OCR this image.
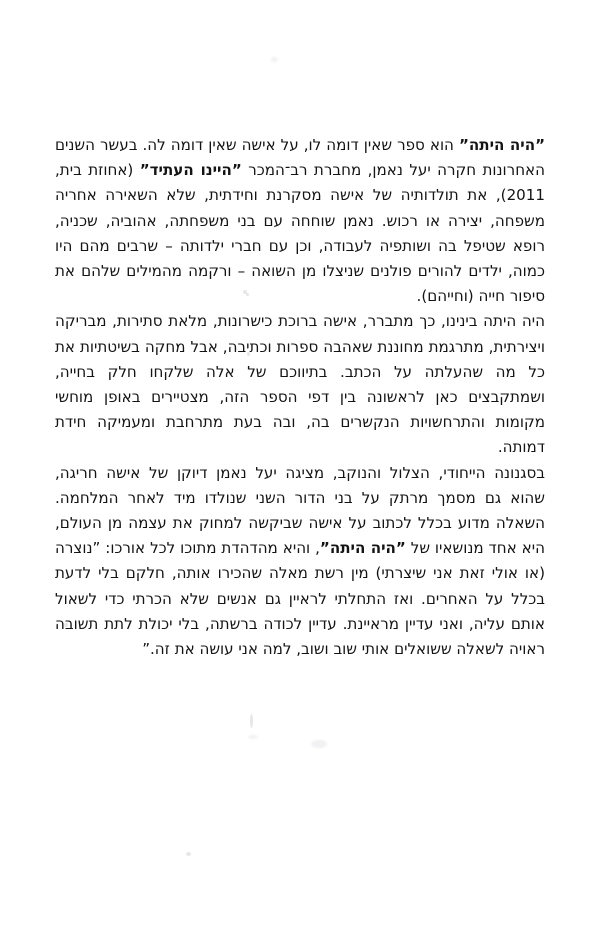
”היה היתה” הוא ספר שאין דומה לו, על אישה שאין דומה לה. בעשר השנים האחרונות חקרה יעל נאמן, מחברת רב־המכר ”היינו העתיד” (אחוזת בית, 2011), את תולדותיה של אישה מסקרנת וחידתית, שלא השאירה אחריה משפחה, יצירה או רכוש. נאמן שוחחה עם בני משפחתה, אהוביה, שכניה, רופא שטיפל בה ושותפיה לעבודה, וכן עם חברי ילדותה – שרבים מהם היו כמוה, ילדים להורים פולנים שניצלו מן השואה – ורקמה מהמילים שלהם את סיפור חייה (וחייהם).

היה היתה בינינו, כך מתברר, אישה ברוכת כישרונות, מלאת סתירות, מבריקה ויצירתית, מתרגמת מחוננת שאהבה ספרות וכתיבה, אבל מחקה בשיטתיות את כל מה שהעלתה על הכתב. בתיווכם של אלה שלקחו חלק בחייה, ושמתקבצים כאן לראשונה בין דפי הספר הזה, מצטיירים באופן מוחשי מקומות והתרחשויות הנקשרים בה, ובה בעת מתרחבת ומעמיקה חידת דמותה.

בסגנונה הייחודי, הצלול והנוקב, מציגה יעל נאמן דיוקן של אישה חריגה, שהוא גם מסמך מרתק על בני הדור השני שנולדו מיד לאחר המלחמה. השאלה מדוע בכלל לכתוב על אישה שביקשה למחוק את עצמה מן העולם, היא אחד מנושאיו של ”היה היתה”, והיא מהדהדת מתוכו לכל אורכו: ”נוצרה (או אולי זאת אני שיצרתי) מין רשת מאלה שהכירו אותה, חלקם בלי לדעת בכלל על האחרים. ואז התחלתי לראיין גם אנשים שלא הכרתי כדי לשאול אותם עליה, ואני עדיין מראיינת. עדיין לכודה ברשתה, בלי יכולת לתת תשובה ראויה לשאלה ששואלים אותי שוב ושוב, למה אני עושה את זה.”
